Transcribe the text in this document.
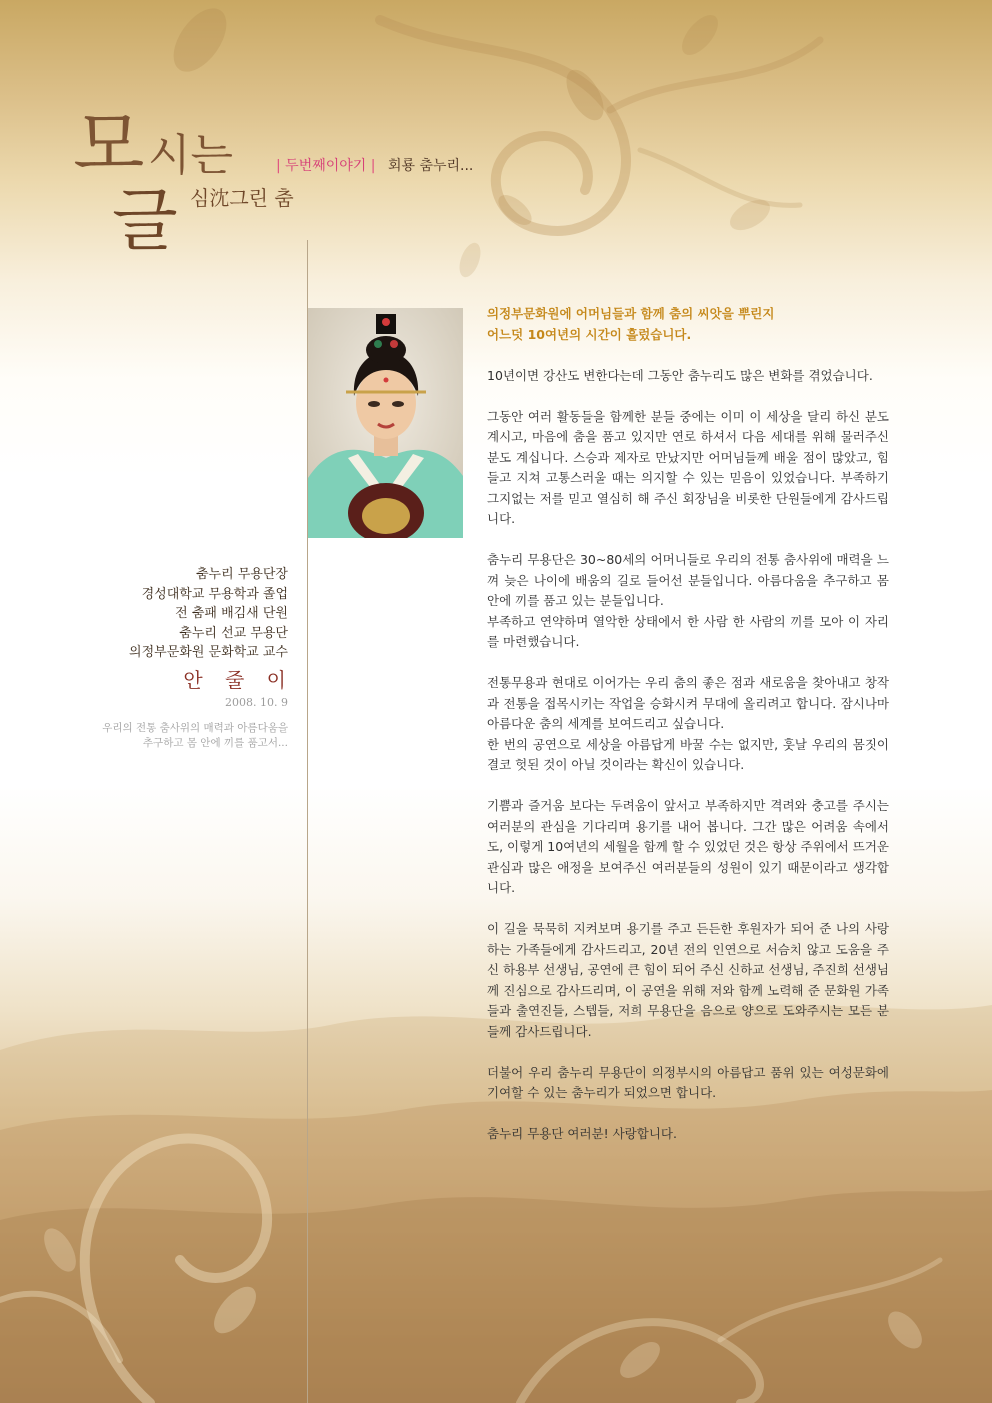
모 시는
글 심沈그린 춤
| 두번째이야기 | 회룡 춤누리...
춤누리 무용단장
경성대학교 무용학과 졸업
전 춤패 배김새 단원
춤누리 선교 무용단
의정부문화원 문화학교 교수
안 줄 이
2008. 10. 9
우리의 전통 춤사위의 매력과 아름다움을
추구하고 몸 안에 끼를 품고서...

의정부문화원에 어머님들과 함께 춤의 씨앗을 뿌린지
어느덧 10여년의 시간이 흘렀습니다.

10년이면 강산도 변한다는데 그동안 춤누리도 많은 변화를 겪었습니다.

그동안 여러 활동들을 함께한 분들 중에는 이미 이 세상을 달리 하신 분도 계시고, 마음에 춤을 품고 있지만 연로 하셔서 다음 세대를 위해 물러주신 분도 계십니다. 스승과 제자로 만났지만 어머님들께 배울 점이 많았고, 힘들고 지쳐 고통스러울 때는 의지할 수 있는 믿음이 있었습니다. 부족하기 그지없는 저를 믿고 열심히 해 주신 회장님을 비롯한 단원들에게 감사드립니다.

춤누리 무용단은 30~80세의 어머니들로 우리의 전통 춤사위에 매력을 느껴 늦은 나이에 배움의 길로 들어선 분들입니다. 아름다움을 추구하고 몸 안에 끼를 품고 있는 분들입니다.
부족하고 연약하며 열악한 상태에서 한 사람 한 사람의 끼를 모아 이 자리를 마련했습니다.

전통무용과 현대로 이어가는 우리 춤의 좋은 점과 새로움을 찾아내고 창작과 전통을 접목시키는 작업을 승화시켜 무대에 올리려고 합니다. 잠시나마 아름다운 춤의 세계를 보여드리고 싶습니다.
한 번의 공연으로 세상을 아름답게 바꿀 수는 없지만, 훗날 우리의 몸짓이 결코 헛된 것이 아닐 것이라는 확신이 있습니다.

기쁨과 즐거움 보다는 두려움이 앞서고 부족하지만 격려와 충고를 주시는 여러분의 관심을 기다리며 용기를 내어 봅니다. 그간 많은 어려움 속에서도, 이렇게 10여년의 세월을 함께 할 수 있었던 것은 항상 주위에서 뜨거운 관심과 많은 애정을 보여주신 여러분들의 성원이 있기 때문이라고 생각합니다.

이 길을 묵묵히 지켜보며 용기를 주고 든든한 후원자가 되어 준 나의 사랑하는 가족들에게 감사드리고, 20년 전의 인연으로 서슴치 않고 도움을 주신 하용부 선생님, 공연에 큰 힘이 되어 주신 신하교 선생님, 주진희 선생님께 진심으로 감사드리며, 이 공연을 위해 저와 함께 노력해 준 문화원 가족들과 출연진들, 스텝들, 저희 무용단을 음으로 양으로 도와주시는 모든 분들께 감사드립니다.

더불어 우리 춤누리 무용단이 의정부시의 아름답고 품위 있는 여성문화에 기여할 수 있는 춤누리가 되었으면 합니다.

춤누리 무용단 여러분! 사랑합니다.
